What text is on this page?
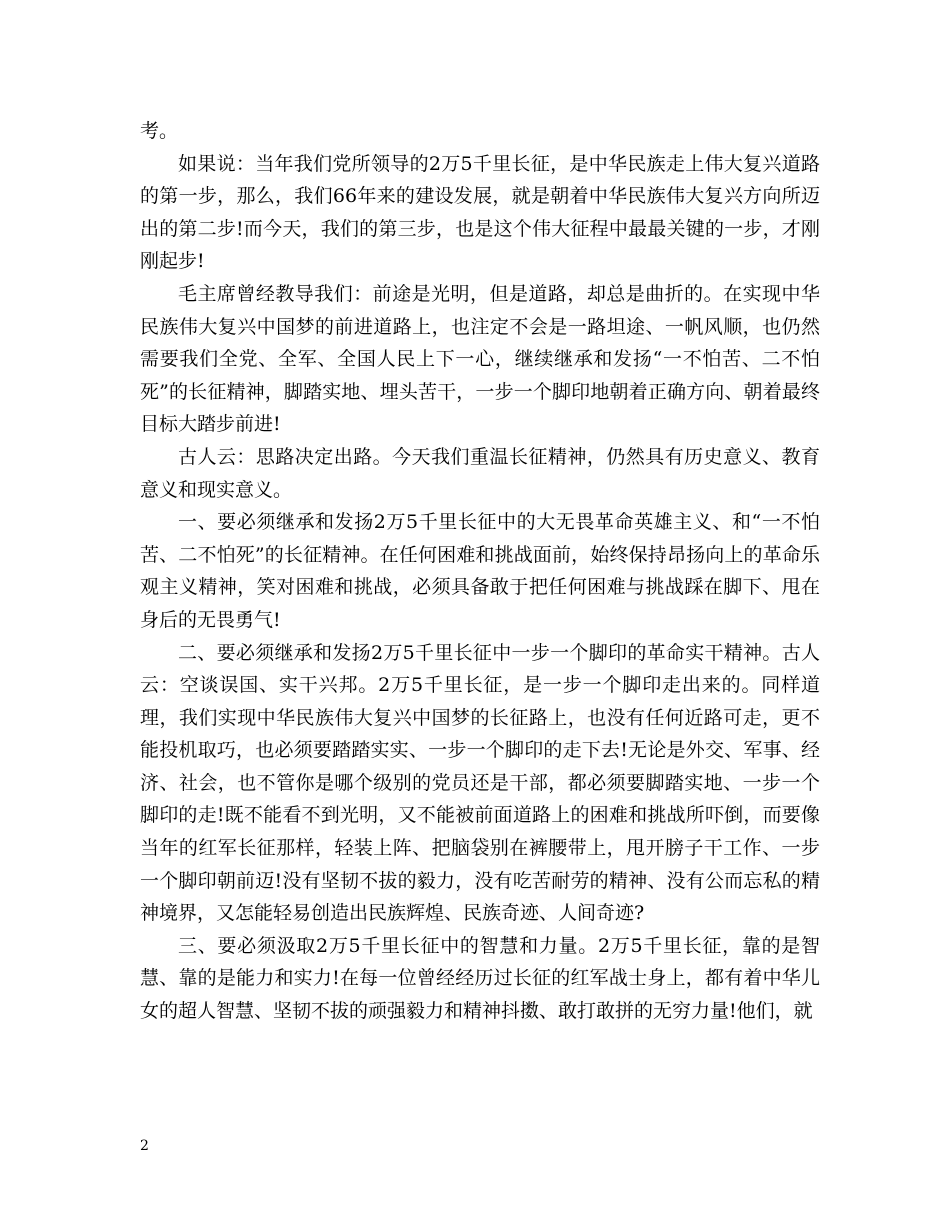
考。

如果说：当年我们党所领导的2万5千里长征，是中华民族走上伟大复兴道路的第一步，那么，我们66年来的建设发展，就是朝着中华民族伟大复兴方向所迈出的第二步!而今天，我们的第三步，也是这个伟大征程中最最关键的一步，才刚刚起步!

毛主席曾经教导我们：前途是光明，但是道路，却总是曲折的。在实现中华民族伟大复兴中国梦的前进道路上，也注定不会是一路坦途、一帆风顺，也仍然需要我们全党、全军、全国人民上下一心，继续继承和发扬“一不怕苦、二不怕死”的长征精神，脚踏实地、埋头苦干，一步一个脚印地朝着正确方向、朝着最终目标大踏步前进!

古人云：思路决定出路。今天我们重温长征精神，仍然具有历史意义、教育意义和现实意义。

一、要必须继承和发扬2万5千里长征中的大无畏革命英雄主义、和“一不怕苦、二不怕死”的长征精神。在任何困难和挑战面前，始终保持昂扬向上的革命乐观主义精神，笑对困难和挑战，必须具备敢于把任何困难与挑战踩在脚下、甩在身后的无畏勇气!

二、要必须继承和发扬2万5千里长征中一步一个脚印的革命实干精神。古人云：空谈误国、实干兴邦。2万5千里长征，是一步一个脚印走出来的。同样道理，我们实现中华民族伟大复兴中国梦的长征路上，也没有任何近路可走，更不能投机取巧，也必须要踏踏实实、一步一个脚印的走下去!无论是外交、军事、经济、社会，也不管你是哪个级别的党员还是干部，都必须要脚踏实地、一步一个脚印的走!既不能看不到光明，又不能被前面道路上的困难和挑战所吓倒，而要像当年的红军长征那样，轻装上阵、把脑袋别在裤腰带上，甩开膀子干工作、一步一个脚印朝前迈!没有坚韧不拔的毅力，没有吃苦耐劳的精神、没有公而忘私的精神境界，又怎能轻易创造出民族辉煌、民族奇迹、人间奇迹?

三、要必须汲取2万5千里长征中的智慧和力量。2万5千里长征，靠的是智慧、靠的是能力和实力!在每一位曾经经历过长征的红军战士身上，都有着中华儿女的超人智慧、坚韧不拔的顽强毅力和精神抖擞、敢打敢拼的无穷力量!他们，就

2
